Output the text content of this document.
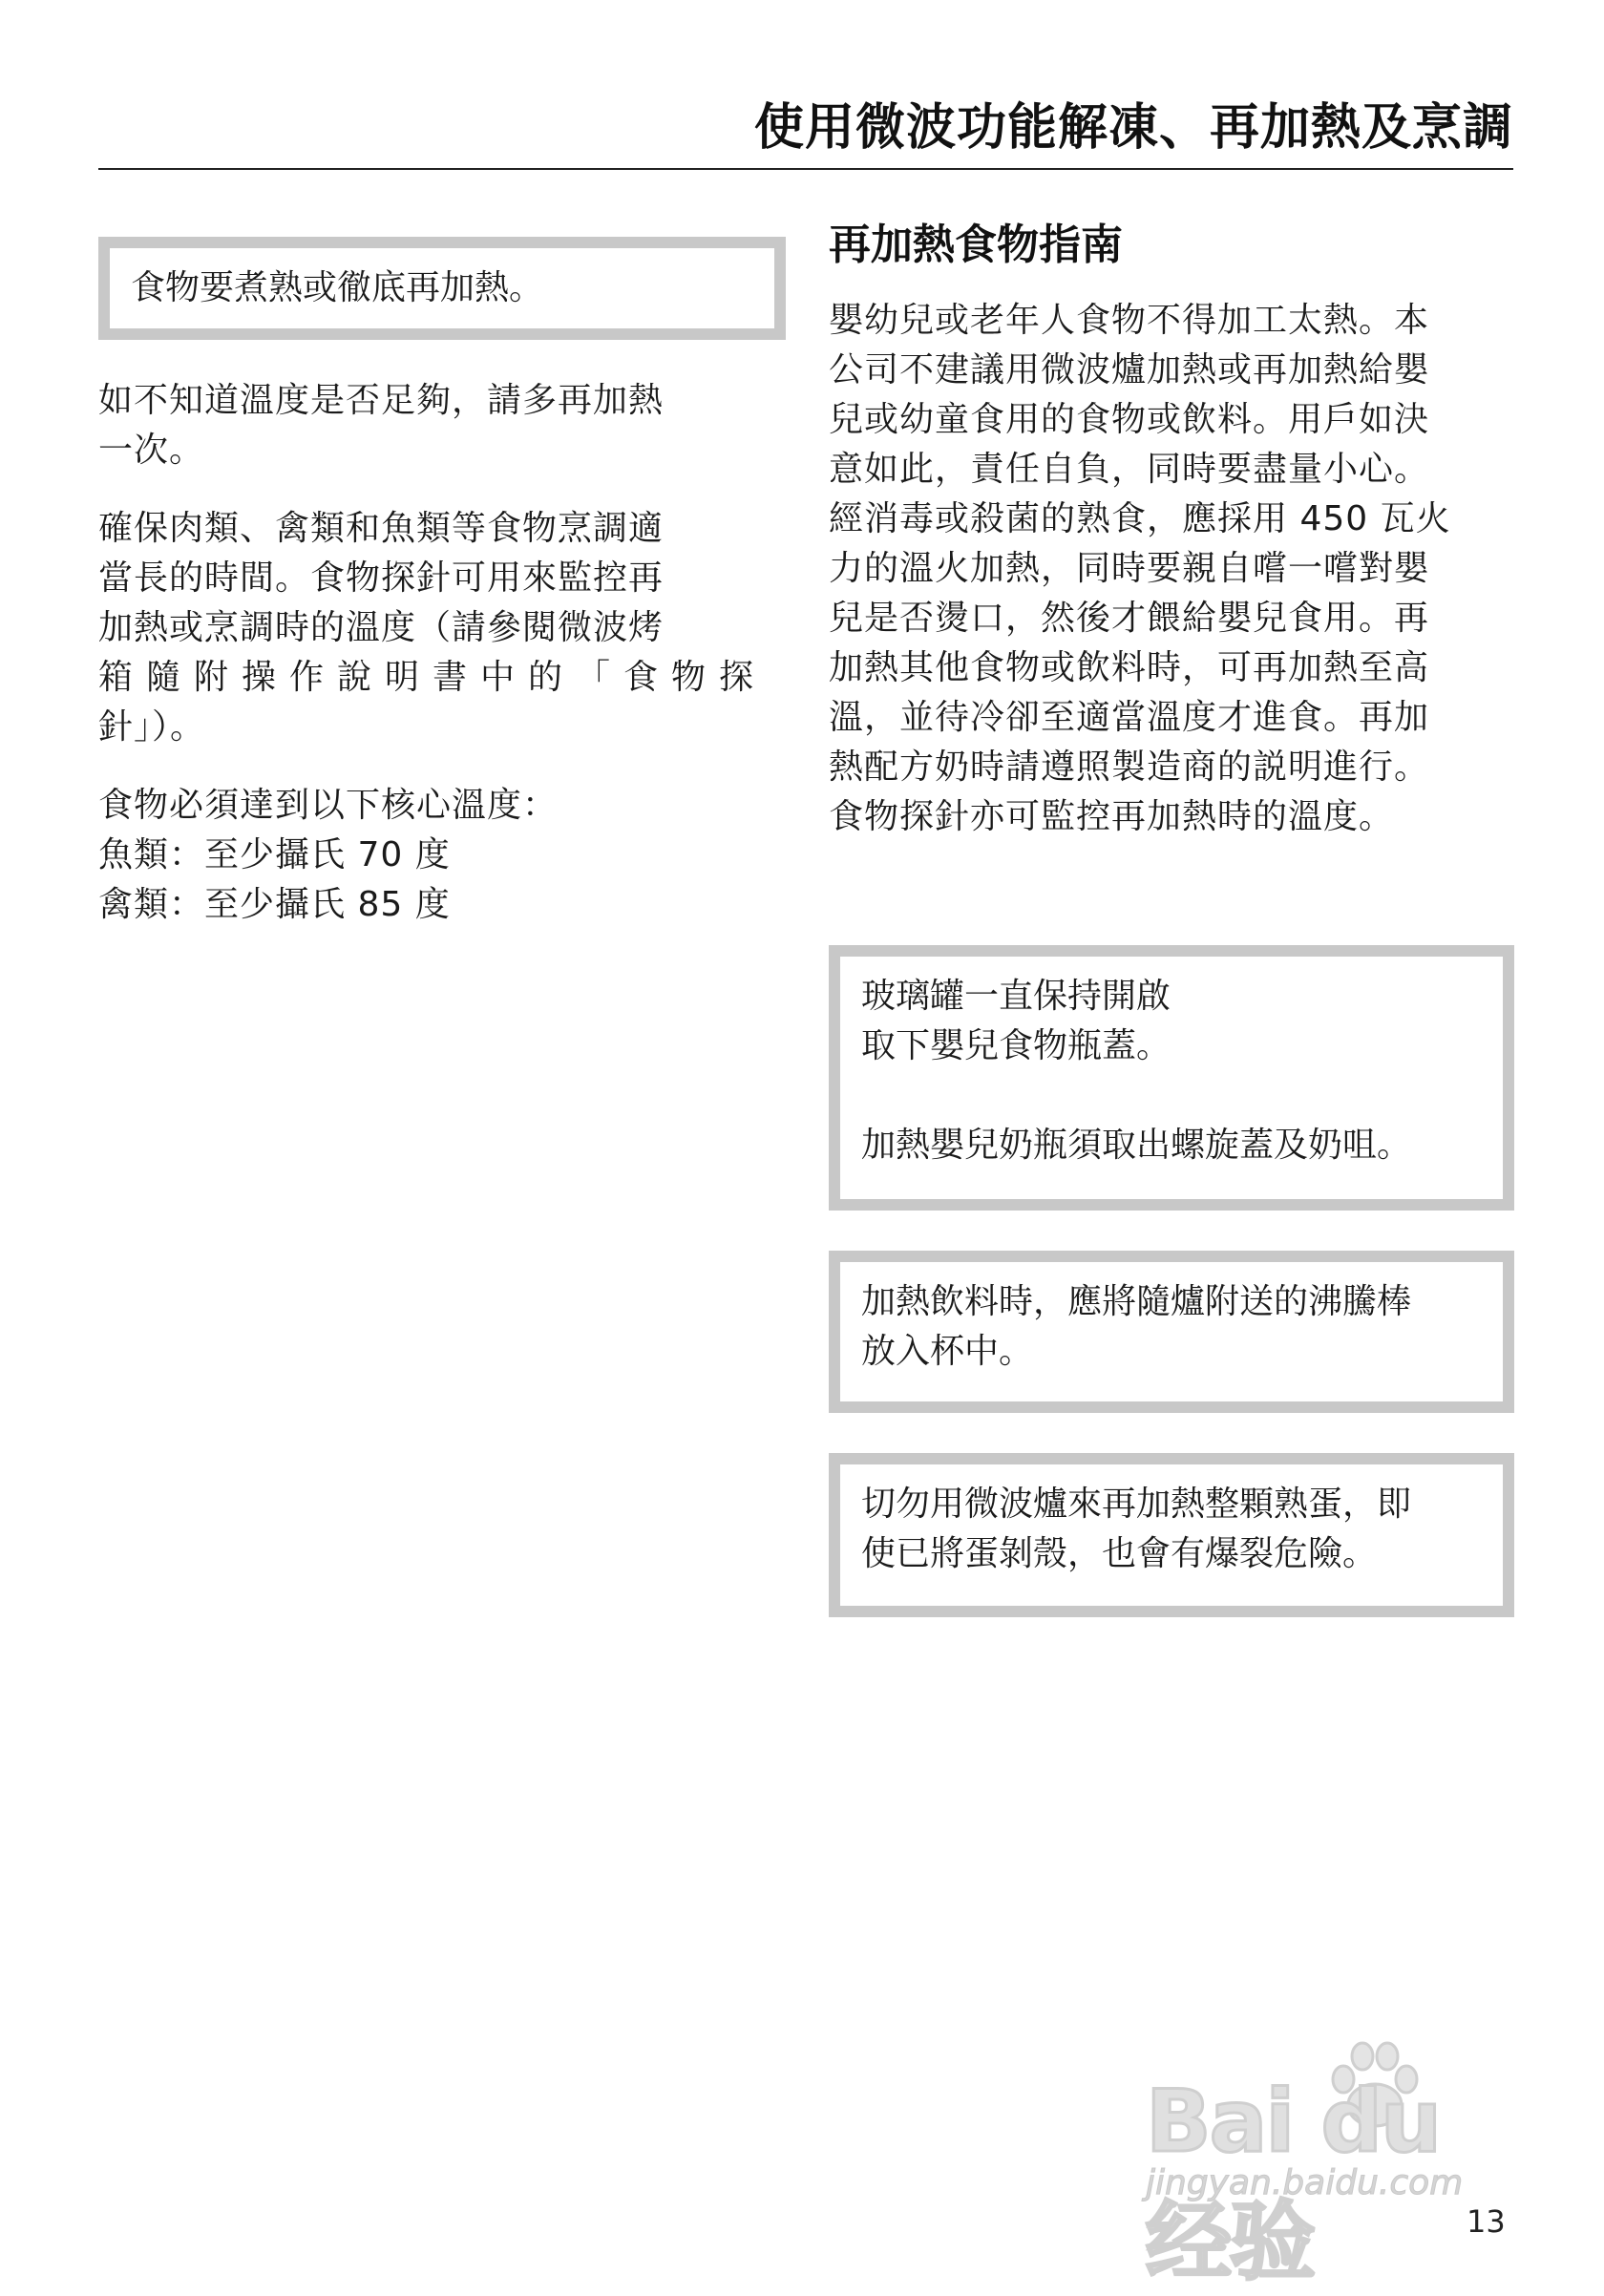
使用微波功能解凍、再加熱及烹調

食物要煮熟或徹底再加熱。

如不知道溫度是否足夠，請多再加熱
一次。

確保肉類、禽類和魚類等食物烹調適
當長的時間。食物探針可用來監控再
加熱或烹調時的溫度（請參閱微波烤
箱隨附操作說明書中的「食物探
針」）。

食物必須達到以下核心溫度：
魚類：至少攝氏 70 度
禽類：至少攝氏 85 度

再加熱食物指南

嬰幼兒或老年人食物不得加工太熱。本
公司不建議用微波爐加熱或再加熱給嬰
兒或幼童食用的食物或飲料。用戶如決
意如此，責任自負，同時要盡量小心。
經消毒或殺菌的熟食，應採用 450 瓦火
力的溫火加熱，同時要親自嚐一嚐對嬰
兒是否燙口，然後才餵給嬰兒食用。再
加熱其他食物或飲料時，可再加熱至高
溫，並待冷卻至適當溫度才進食。再加
熱配方奶時請遵照製造商的説明進行。
食物探針亦可監控再加熱時的溫度。

玻璃罐一直保持開啟

取下嬰兒食物瓶蓋。

加熱嬰兒奶瓶須取出螺旋蓋及奶咀。

加熱飲料時，應將隨爐附送的沸騰棒

放入杯中。

切勿用微波爐來再加熱整顆熟蛋，即

使已將蛋剝殼，也會有爆裂危險。

Bai du 经验
jingyan.baidu.com
13
